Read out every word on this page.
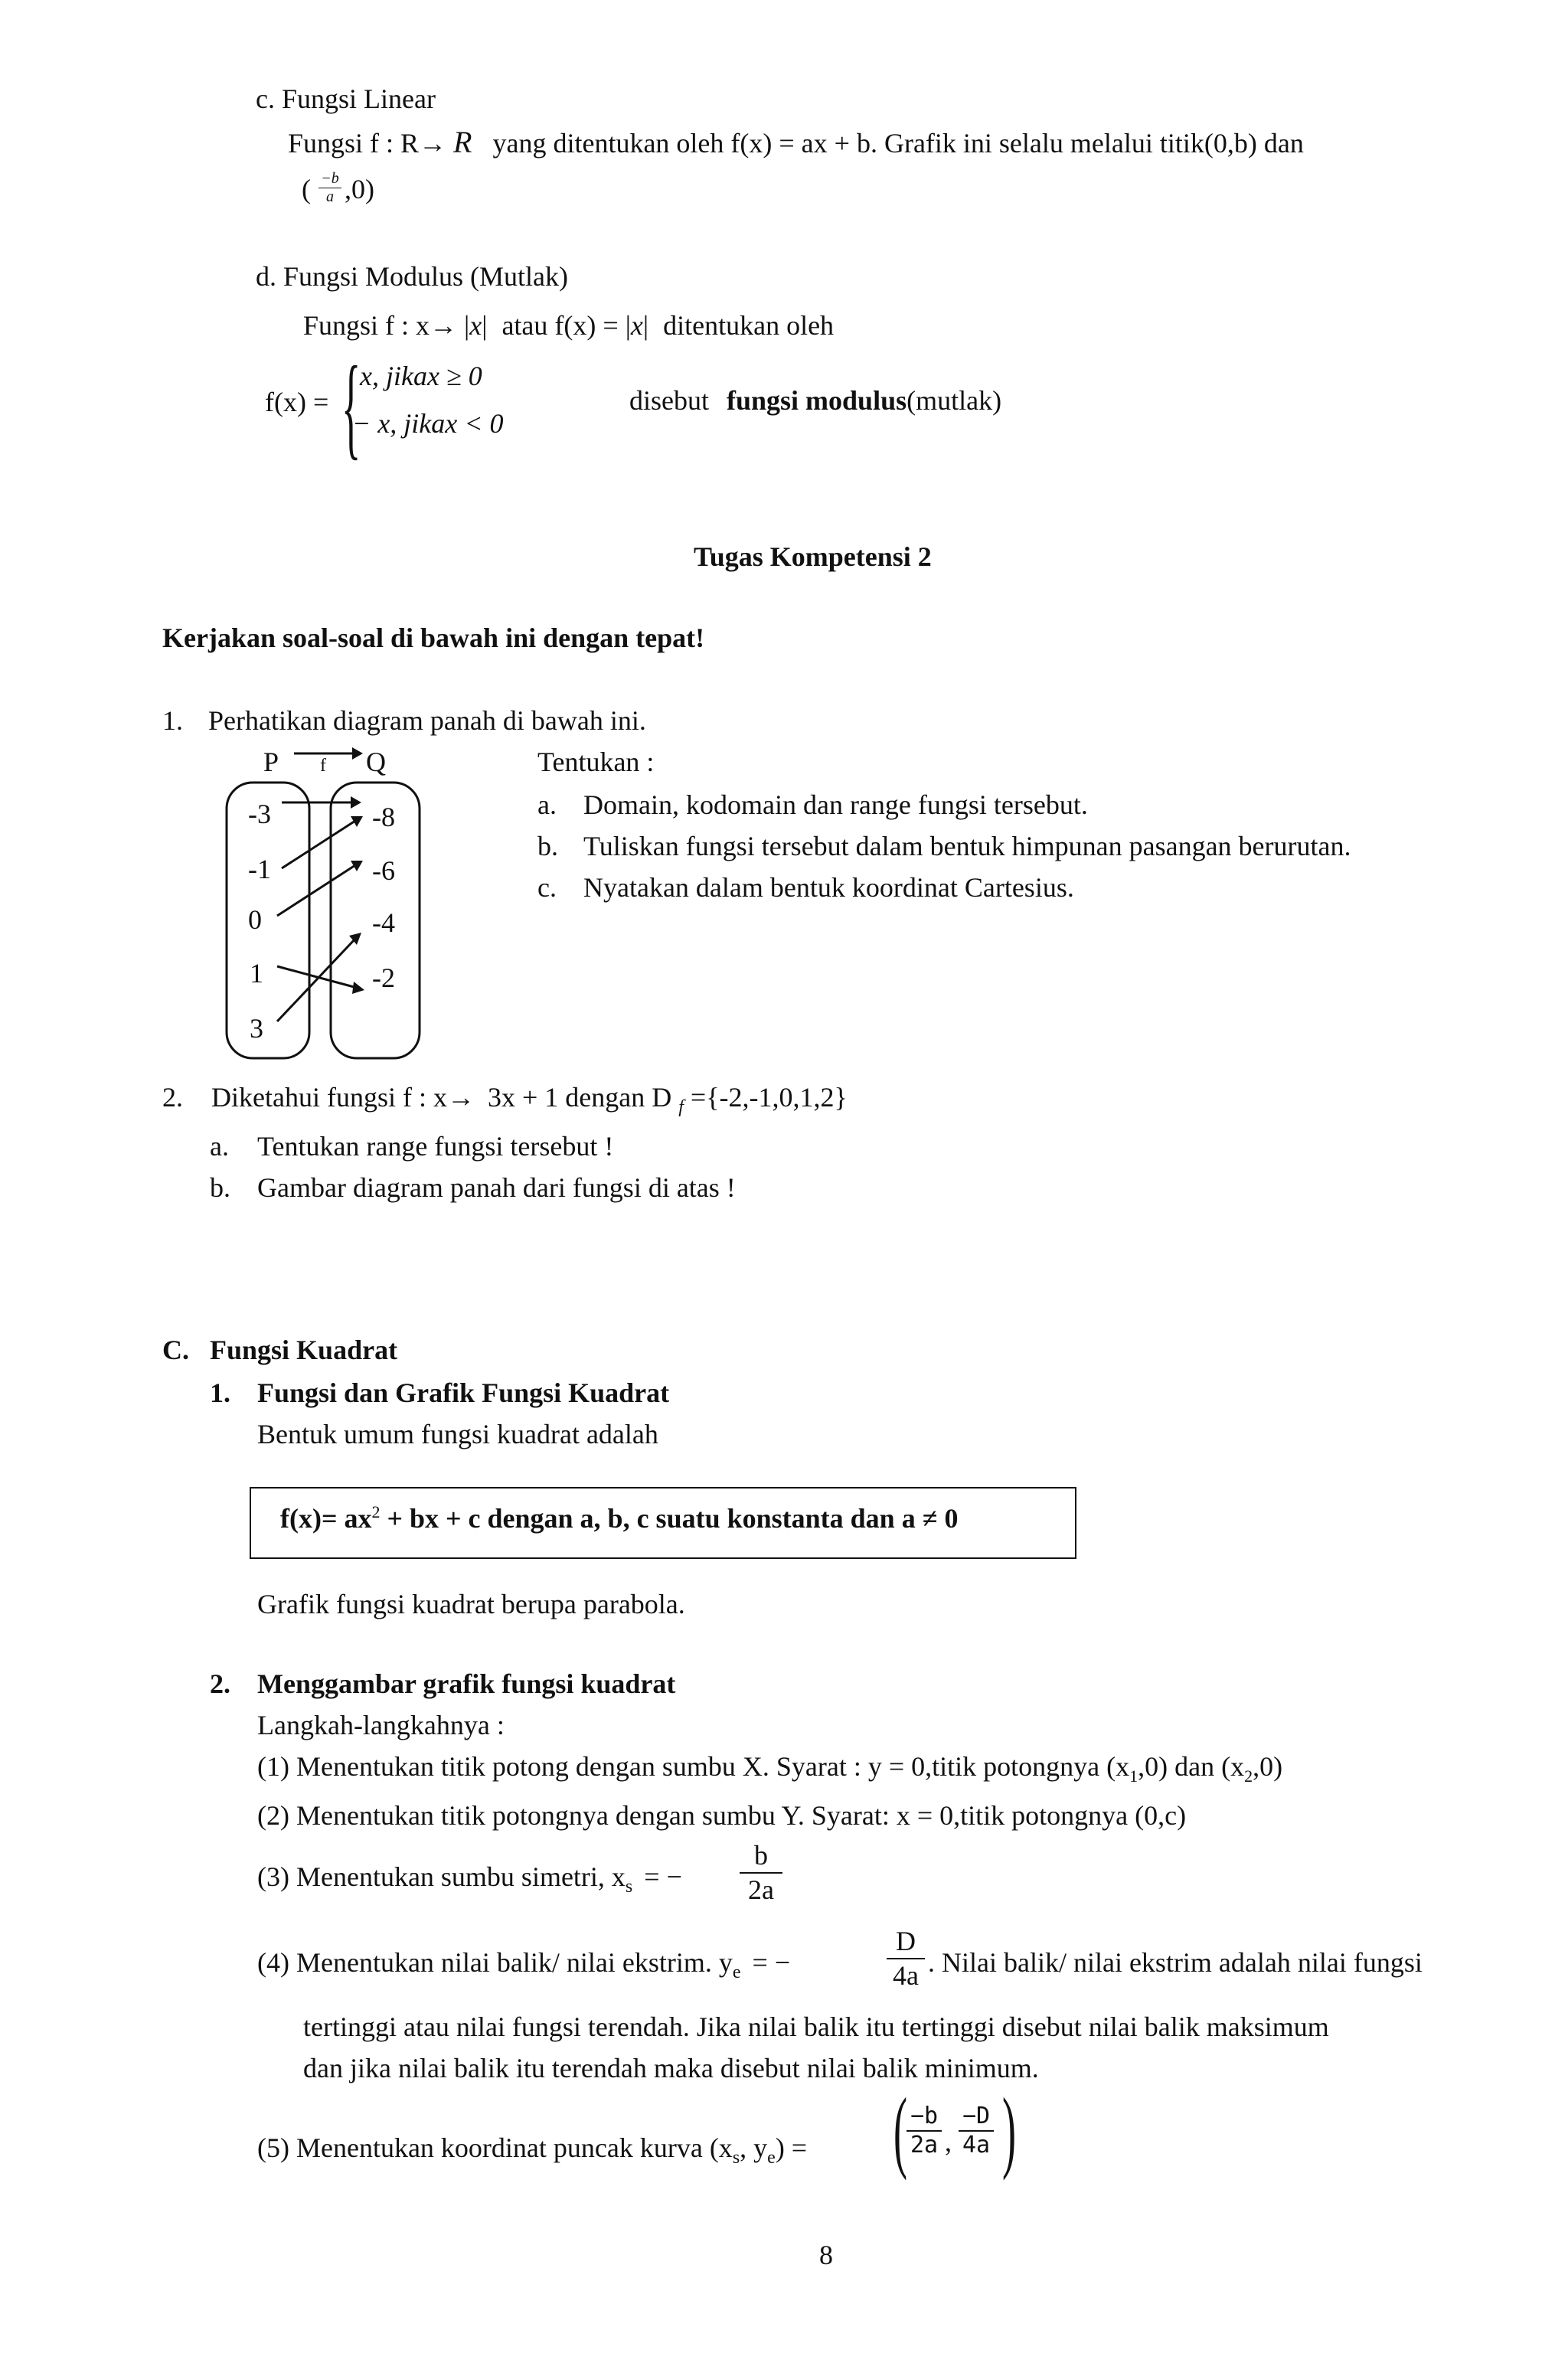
c. Fungsi Linear
Fungsi f : R→ R yang ditentukan oleh f(x) = ax + b. Grafik ini selalu melalui titik(0,b) dan
( $\frac{-b}{a} ,0$)
d. Fungsi Modulus (Mutlak)
Fungsi f : x→ |x| atau f(x) = |x| ditentukan oleh
f(x) = {
x, jikax ≥ 0
− x, jikax < 0
disebut fungsi modulus(mutlak)
Tugas Kompetensi 2
Kerjakan soal-soal di bawah ini dengan tepat!
1. Perhatikan diagram panah di bawah ini.
P f Q
-3
-1
0
1
3
-8
-6
-4
-2
Tentukan :
a. Domain, kodomain dan range fungsi tersebut.
b. Tuliskan fungsi tersebut dalam bentuk himpunan pasangan berurutan.
c. Nyatakan dalam bentuk koordinat Cartesius.
2. Diketahui fungsi f : x→ 3x + 1 dengan D $_f$ ={-2,-1,0,1,2}
a. Tentukan range fungsi tersebut !
b. Gambar diagram panah dari fungsi di atas !
C. Fungsi Kuadrat
1. Fungsi dan Grafik Fungsi Kuadrat
Bentuk umum fungsi kuadrat adalah
$f(x)= ax^2$ + bx + c dengan a, b, c suatu konstanta dan a ≠ 0
Grafik fungsi kuadrat berupa parabola.
2. Menggambar grafik fungsi kuadrat
Langkah-langkahnya :
(1) Menentukan titik potong dengan sumbu X. Syarat : y = 0,titik potongnya $(x_1,0)$ dan $(x_2,0)$
(2) Menentukan titik potongnya dengan sumbu Y. Syarat: x = 0,titik potongnya (0,c)
(3) Menentukan sumbu simetri, $x_s$ = − $\frac{b}{2a}$
(4) Menentukan nilai balik/ nilai ekstrim. $y_e$ = −	$\frac{D}{4a}$ . Nilai balik/ nilai ekstrim adalah nilai fungsi
tertinggi atau nilai fungsi terendah. Jika nilai balik itu tertinggi disebut nilai balik maksimum
dan jika nilai balik itu terendah maka disebut nilai balik minimum.
(5) Menentukan koordinat puncak kurva ($x_s$, $y_e$) = ( $\frac{-b}{2a}$ , $\frac{-D}{4a}$ )
8
